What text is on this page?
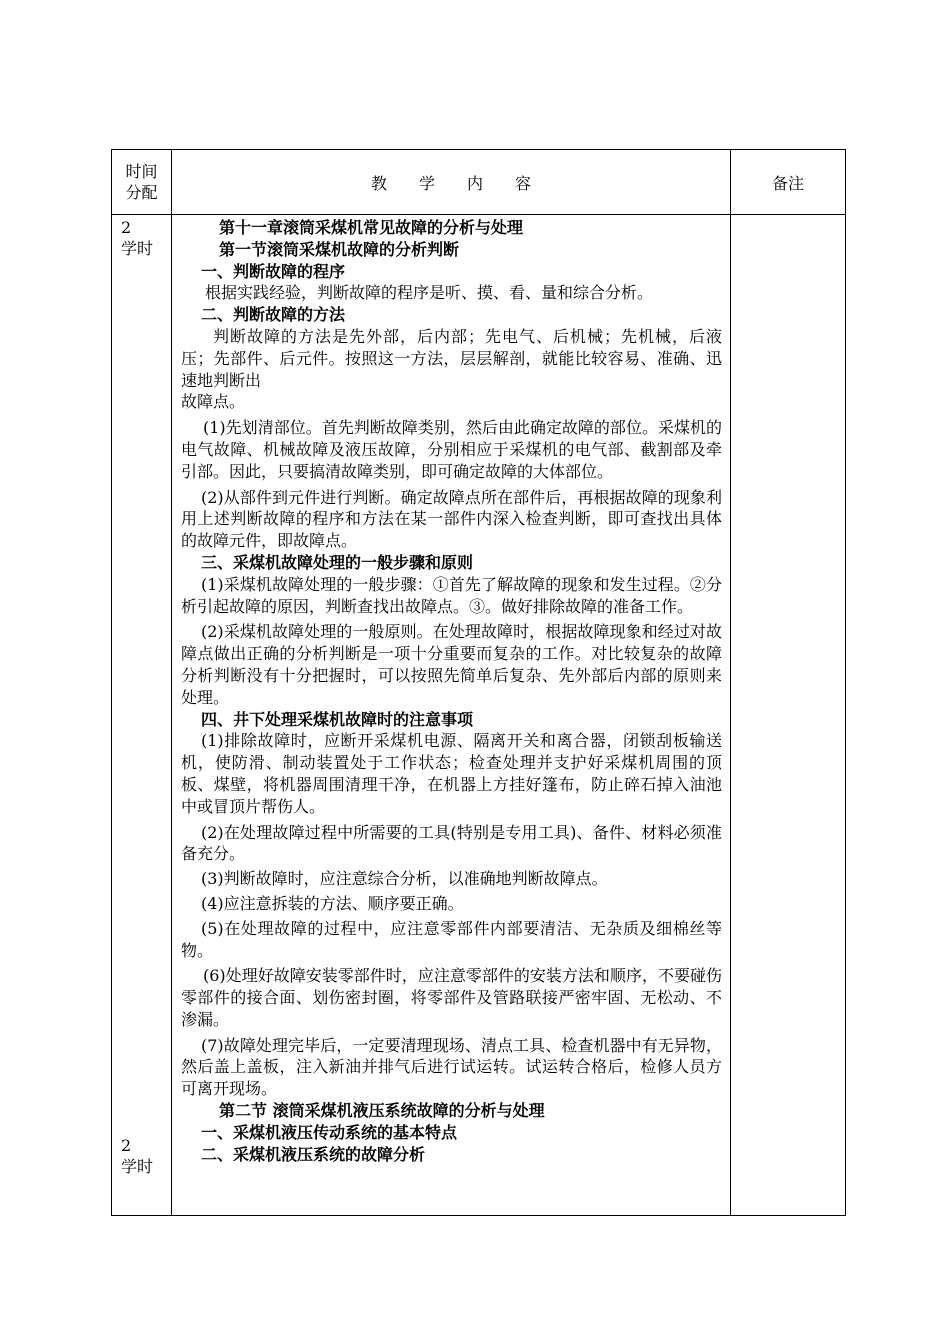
时间
分配	教　　学　　内　　容	备注
2
学时
2
学时

第十一章滚筒采煤机常见故障的分析与处理

第一节滚筒采煤机故障的分析判断

一、判断故障的程序

根据实践经验，判断故障的程序是听、摸、看、量和综合分析。

二、判断故障的方法

判断故障的方法是先外部，后内部；先电气、后机械；先机械，后液压；先部件、后元件。按照这一方法，层层解剖，就能比较容易、准确、迅速地判断出

故障点。

(1)先划清部位。首先判断故障类别，然后由此确定故障的部位。采煤机的电气故障、机械故障及液压故障，分别相应于采煤机的电气部、截割部及牵引部。因此，只要搞清故障类别，即可确定故障的大体部位。

(2)从部件到元件进行判断。确定故障点所在部件后，再根据故障的现象利用上述判断故障的程序和方法在某一部件内深入检查判断，即可查找出具体的故障元件，即故障点。

三、采煤机故障处理的一般步骤和原则

(1)采煤机故障处理的一般步骤：①首先了解故障的现象和发生过程。②分析引起故障的原因，判断查找出故障点。③。做好排除故障的准备工作。

(2)采煤机故障处理的一般原则。在处理故障时，根据故障现象和经过对故障点做出正确的分析判断是一项十分重要而复杂的工作。对比较复杂的故障分析判断没有十分把握时，可以按照先简单后复杂、先外部后内部的原则来处理。

四、井下处理采煤机故障时的注意事项

(1)排除故障时，应断开采煤机电源、隔离开关和离合器，闭锁刮板输送机，使防滑、制动装置处于工作状态；检查处理并支护好采煤机周围的顶板、煤壁，将机器周围清理干净，在机器上方挂好篷布，防止碎石掉入油池中或冒顶片帮伤人。

(2)在处理故障过程中所需要的工具(特别是专用工具)、备件、材料必须准备充分。

(3)判断故障时，应注意综合分析，以准确地判断故障点。

(4)应注意拆装的方法、顺序要正确。

(5)在处理故障的过程中，应注意零部件内部要清洁、无杂质及细棉丝等物。

(6)处理好故障安装零部件时，应注意零部件的安装方法和顺序，不要碰伤零部件的接合面、划伤密封圈，将零部件及管路联接严密牢固、无松动、不渗漏。

(7)故障处理完毕后，一定要清理现场、清点工具、检查机器中有无异物，然后盖上盖板，注入新油并排气后进行试运转。试运转合格后，检修人员方可离开现场。

第二节 滚筒采煤机液压系统故障的分析与处理

一、采煤机液压传动系统的基本特点

二、采煤机液压系统的故障分析
